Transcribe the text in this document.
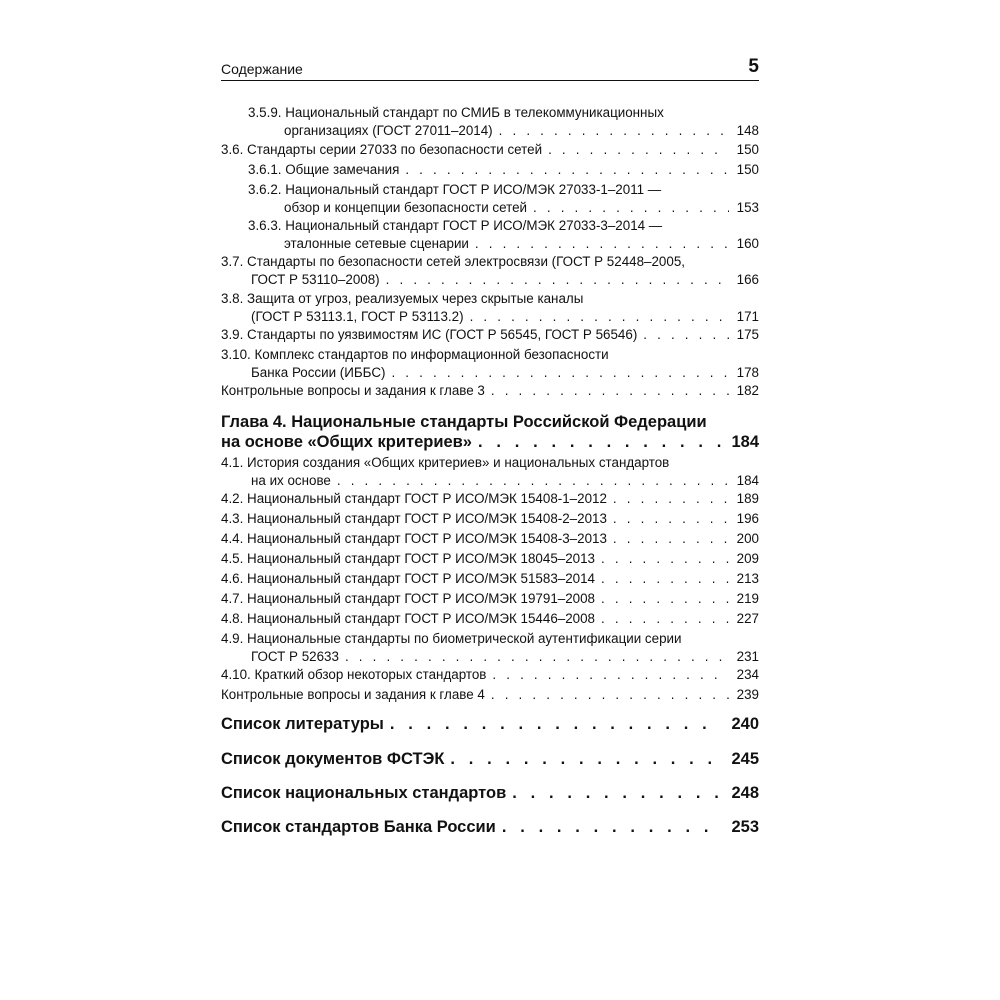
Содержание	5
3.5.9. Национальный стандарт по СМИБ в телекоммуникационных
организациях (ГОСТ 27011–2014) . . .	148
3.6. Стандарты серии 27033 по безопасности сетей . . .	150
3.6.1. Общие замечания . . .	150
3.6.2. Национальный стандарт ГОСТ Р ИСО/МЭК 27033-1–2011 —
обзор и концепции безопасности сетей . . .	153
3.6.3. Национальный стандарт ГОСТ Р ИСО/МЭК 27033-3–2014 —
эталонные сетевые сценарии . . .	160
3.7. Стандарты по безопасности сетей электросвязи (ГОСТ Р 52448–2005,
ГОСТ Р 53110–2008) . . .	166
3.8. Защита от угроз, реализуемых через скрытые каналы
(ГОСТ Р 53113.1, ГОСТ Р 53113.2) . . .	171
3.9. Стандарты по уязвимостям ИС (ГОСТ Р 56545, ГОСТ Р 56546) . . .	175
3.10. Комплекс стандартов по информационной безопасности
Банка России (ИББС) . . .	178
Контрольные вопросы и задания к главе 3 . . .	182
Глава 4. Национальные стандарты Российской Федерации
на основе «Общих критериев» . . .	184
4.1. История создания «Общих критериев» и национальных стандартов
на их основе . . .	184
4.2. Национальный стандарт ГОСТ Р ИСО/МЭК 15408-1–2012 . . .	189
4.3. Национальный стандарт ГОСТ Р ИСО/МЭК 15408-2–2013 . . .	196
4.4. Национальный стандарт ГОСТ Р ИСО/МЭК 15408-3–2013 . . .	200
4.5. Национальный стандарт ГОСТ Р ИСО/МЭК 18045–2013 . . .	209
4.6. Национальный стандарт ГОСТ Р ИСО/МЭК 51583–2014 . . .	213
4.7. Национальный стандарт ГОСТ Р ИСО/МЭК 19791–2008 . . .	219
4.8. Национальный стандарт ГОСТ Р ИСО/МЭК 15446–2008 . . .	227
4.9. Национальные стандарты по биометрической аутентификации серии
ГОСТ Р 52633 . . .	231
4.10. Краткий обзор некоторых стандартов . . .	234
Контрольные вопросы и задания к главе 4 . . .	239
Список литературы . . .	240
Список документов ФСТЭК . . .	245
Список национальных стандартов . . .	248
Список стандартов Банка России . . .	253
